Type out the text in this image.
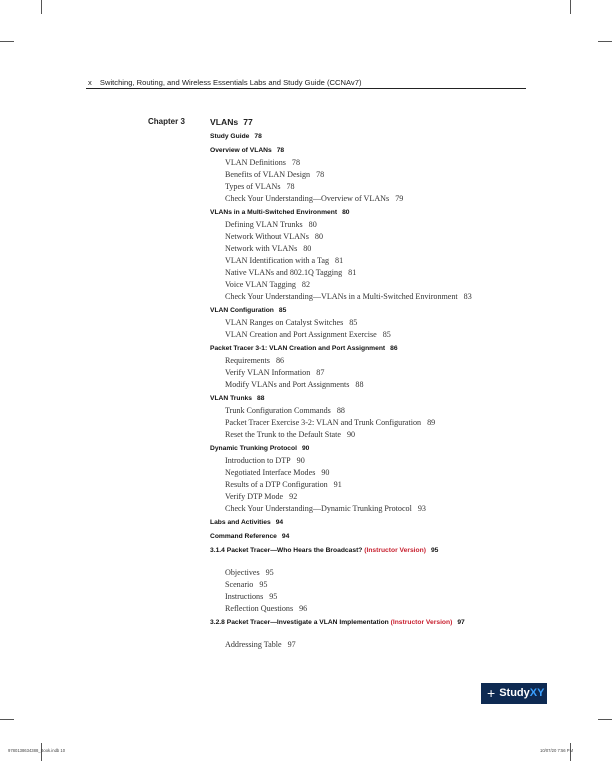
x Switching, Routing, and Wireless Essentials Labs and Study Guide (CCNAv7)
Chapter 3	VLANs 77
Study Guide 78
Overview of VLANs 78
VLAN Definitions 78
Benefits of VLAN Design 78
Types of VLANs 78
Check Your Understanding—Overview of VLANs 79
VLANs in a Multi-Switched Environment 80
Defining VLAN Trunks 80
Network Without VLANs 80
Network with VLANs 80
VLAN Identification with a Tag 81
Native VLANs and 802.1Q Tagging 81
Voice VLAN Tagging 82
Check Your Understanding—VLANs in a Multi-Switched Environment 83
VLAN Configuration 85
VLAN Ranges on Catalyst Switches 85
VLAN Creation and Port Assignment Exercise 85
Packet Tracer 3-1: VLAN Creation and Port Assignment 86
Requirements 86
Verify VLAN Information 87
Modify VLANs and Port Assignments 88
VLAN Trunks 88
Trunk Configuration Commands 88
Packet Tracer Exercise 3-2: VLAN and Trunk Configuration 89
Reset the Trunk to the Default State 90
Dynamic Trunking Protocol 90
Introduction to DTP 90
Negotiated Interface Modes 90
Results of a DTP Configuration 91
Verify DTP Mode 92
Check Your Understanding—Dynamic Trunking Protocol 93
Labs and Activities 94
Command Reference 94
3.1.4 Packet Tracer—Who Hears the Broadcast? (Instructor Version) 95
Objectives 95
Scenario 95
Instructions 95
Reflection Questions 96
3.2.8 Packet Tracer—Investigate a VLAN Implementation (Instructor Version) 97
Addressing Table 97
+ StudyXY
9780138634388_Book.indb 10	10/07/20 7:56 PM
